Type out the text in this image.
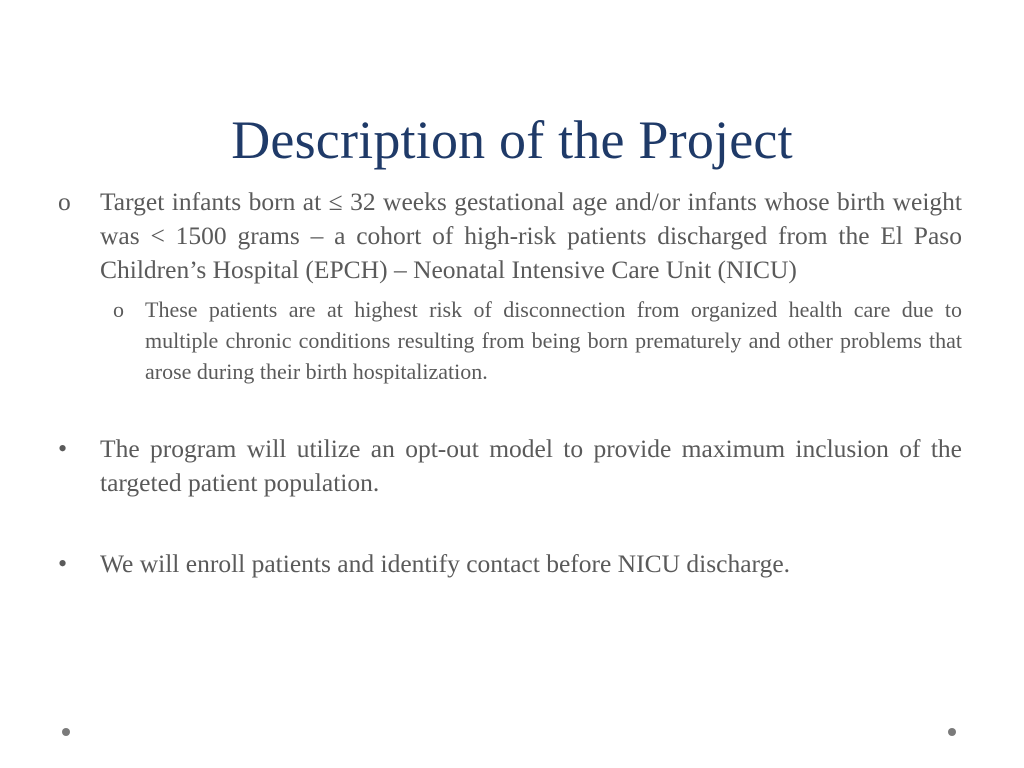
Description of the Project
o Target infants born at ≤ 32 weeks gestational age and/or infants whose birth weight was < 1500 grams – a cohort of high-risk patients discharged from the El Paso Children’s Hospital (EPCH) – Neonatal Intensive Care Unit (NICU)
o These patients are at highest risk of disconnection from organized health care due to multiple chronic conditions resulting from being born prematurely and other problems that arose during their birth hospitalization.
• The program will utilize an opt-out model to provide maximum inclusion of the targeted patient population.
• We will enroll patients and identify contact before NICU discharge.
